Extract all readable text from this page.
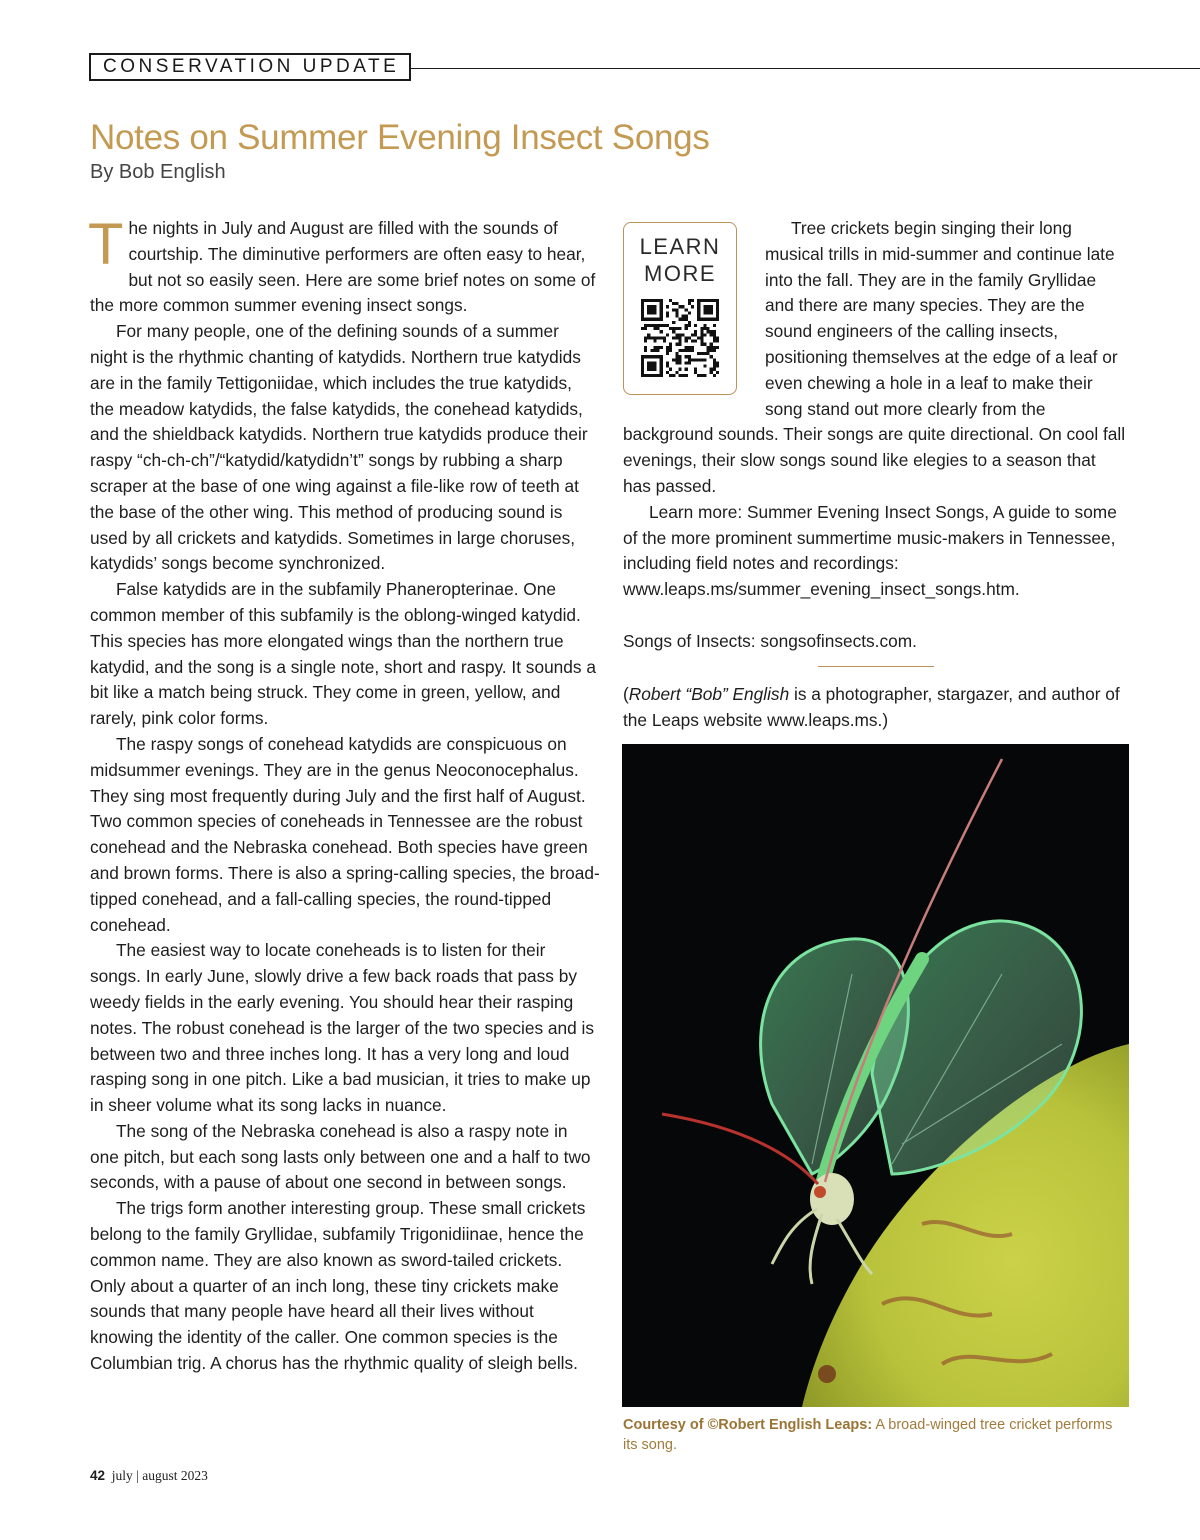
CONSERVATION UPDATE
Notes on Summer Evening Insect Songs
By Bob English

The nights in July and August are filled with the sounds of courtship. The diminutive performers are often easy to hear, but not so easily seen. Here are some brief notes on some of the more common summer evening insect songs.

For many people, one of the defining sounds of a summer night is the rhythmic chanting of katydids. Northern true katydids are in the family Tettigoniidae, which includes the true katydids, the meadow katydids, the false katydids, the conehead katydids, and the shieldback katydids. Northern true katydids produce their raspy “ch-ch-ch”/“katydid/katydidn’t” songs by rubbing a sharp scraper at the base of one wing against a file-like row of teeth at the base of the other wing. This method of producing sound is used by all crickets and katydids. Sometimes in large choruses, katydids’ songs become synchronized.

False katydids are in the subfamily Phaneropterinae. One common member of this subfamily is the oblong-winged katydid. This species has more elongated wings than the northern true katydid, and the song is a single note, short and raspy. It sounds a bit like a match being struck. They come in green, yellow, and rarely, pink color forms.

The raspy songs of conehead katydids are conspicuous on midsummer evenings. They are in the genus Neoconocephalus. They sing most frequently during July and the first half of August. Two common species of coneheads in Tennessee are the robust conehead and the Nebraska conehead. Both species have green and brown forms. There is also a spring-calling species, the broad-tipped conehead, and a fall-calling species, the round-tipped conehead.

The easiest way to locate coneheads is to listen for their songs. In early June, slowly drive a few back roads that pass by weedy fields in the early evening. You should hear their rasping notes. The robust conehead is the larger of the two species and is between two and three inches long. It has a very long and loud rasping song in one pitch. Like a bad musician, it tries to make up in sheer volume what its song lacks in nuance.

The song of the Nebraska conehead is also a raspy note in one pitch, but each song lasts only between one and a half to two seconds, with a pause of about one second in between songs.

The trigs form another interesting group. These small crickets belong to the family Gryllidae, subfamily Trigonidiinae, hence the common name. They are also known as sword-tailed crickets. Only about a quarter of an inch long, these tiny crickets make sounds that many people have heard all their lives without knowing the identity of the caller. One common species is the Columbian trig. A chorus has the rhythmic quality of sleigh bells.

LEARN
MORE

Tree crickets begin singing their long musical trills in mid-summer and continue late into the fall. They are in the family Gryllidae and there are many species. They are the sound engineers of the calling insects, positioning themselves at the edge of a leaf or even chewing a hole in a leaf to make their song stand out more clearly from the background sounds. Their songs are quite directional. On cool fall evenings, their slow songs sound like elegies to a season that has passed.

Learn more: Summer Evening Insect Songs, A guide to some of the more prominent summertime music-makers in Tennessee, including field notes and recordings: www.leaps.ms/summer_evening_insect_songs.htm.

Songs of Insects: songsofinsects.com.

(Robert “Bob” English is a photographer, stargazer, and author of the Leaps website www.leaps.ms.)

Courtesy of ©Robert English Leaps: A broad-winged tree cricket performs its song.
42 july | august 2023
